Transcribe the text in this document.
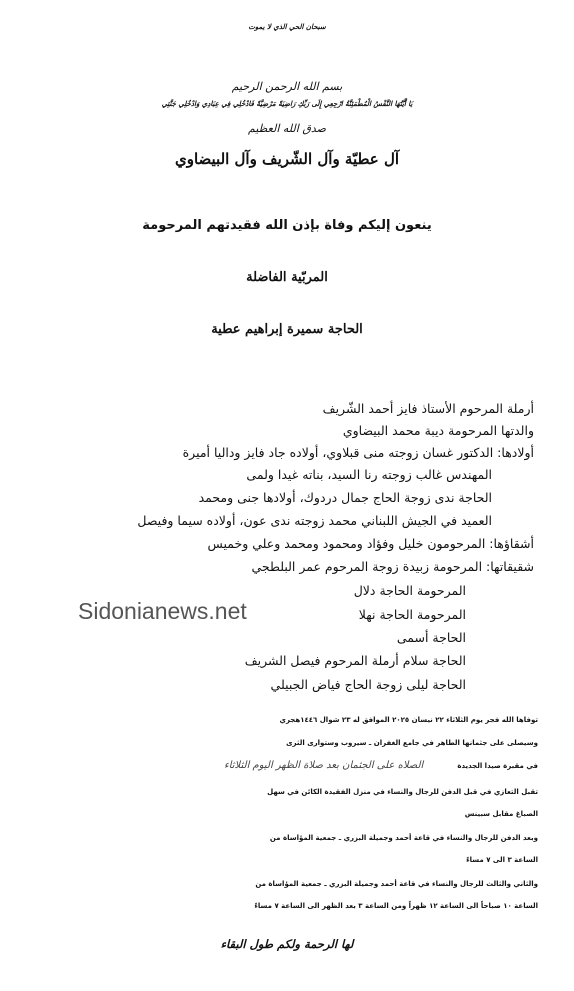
سبحان الحي الذي لا يموت
بسم الله الرحمن الرحيم
يَا أَيَّتُهَا النَّفْسُ الْمُطْمَئِنَّةُ ارْجِعِي إِلَى رَبِّكِ رَاضِيَةً مَرْضِيَّةً فَادْخُلِي فِي عِبَادِي وَادْخُلِي جَنَّتِي
صدق الله العظيم
آل عطيّة وآل الشّريف وآل البيضاوي
ينعون إليكم وفاة بإذن الله فقيدتهم المرحومة
المربّية الفاضلة
الحاجة سميرة إبراهيم عطية
أرملة المرحوم الأستاذ فايز أحمد الشّريف
والدتها المرحومة ديبة محمد البيضاوي
أولادها: الدكتور غسان زوجته منى قبلاوي، أولاده جاد فايز وداليا أميرة
المهندس غالب زوجته رنا السيد، بناته غيدا ولمى
الحاجة ندى زوجة الحاج جمال دردوك، أولادها جنى ومحمد
العميد في الجيش اللبناني محمد زوجته ندى عون، أولاده سيما وفيصل
أشقاؤها: المرحومون خليل وفؤاد ومحمود ومحمد وعلي وخميس
شقيقاتها: المرحومة زبيدة زوجة المرحوم عمر البلطجي
المرحومة الحاجة دلال
المرحومة الحاجة نهلا
الحاجة أسمى
الحاجة سلام أرملة المرحوم فيصل الشريف
الحاجة ليلى زوجة الحاج فياض الجبيلي
Sidonianews.net
توفاها الله فجر يوم الثلاثاء ٢٢ نيسان ٢٠٢٥ الموافق له ٢٣ شوال ١٤٤٦هجري
وسيصلى على جثمانها الطاهر في جامع الغفران ـ سيروب وستوارى الثرى
في مقبرة صيدا الجديدة
الصلاه على الجثمان بعد صلاة الظهر اليوم الثلاثاء
تقبل التعازي في قبل الدفن للرجال والنساء في منزل الفقيدة الكائن في سهل
الصباغ مقابل سبينس
وبعد الدفن للرجال والنساء في قاعة أحمد وجميلة البزري ـ جمعية المؤاساة من
الساعة ٣ الى ٧ مساءً
والثاني والثالث للرجال والنساء في قاعة أحمد وجميلة البزري ـ جمعية المؤاساة من
الساعة ١٠ صباحاً الى الساعة ١٢ ظهراً ومن الساعة ٣ بعد الظهر الى الساعة ٧ مساءً
لها الرحمة ولكم طول البقاء
